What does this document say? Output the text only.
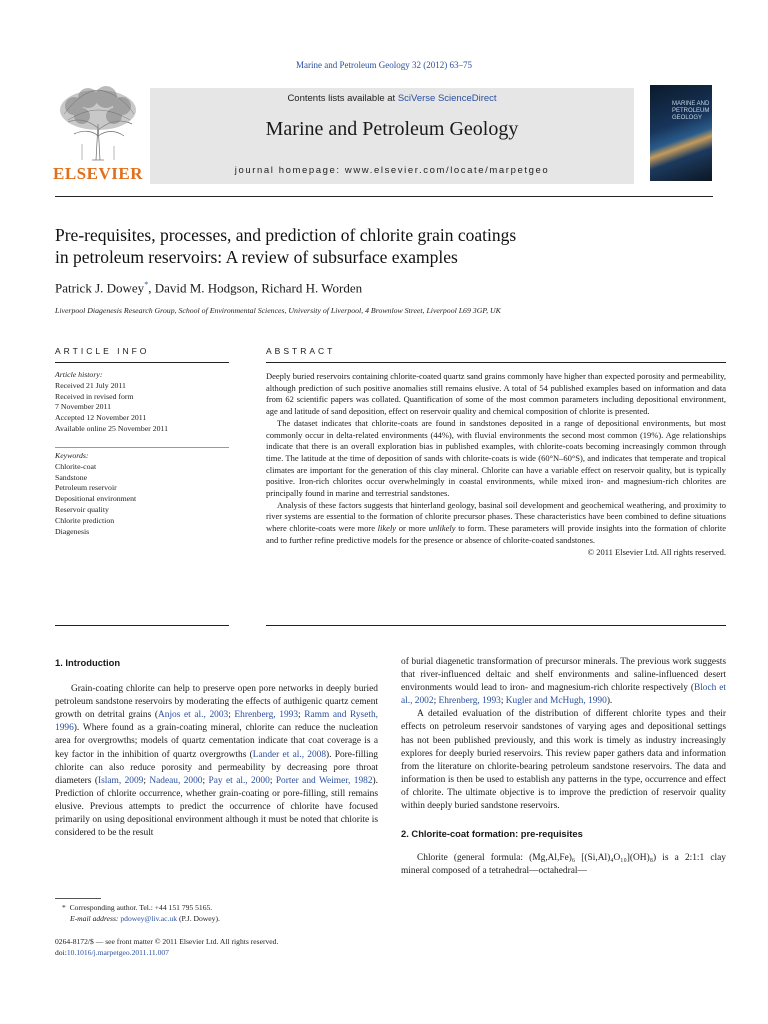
Marine and Petroleum Geology 32 (2012) 63–75
ELSEVIER
Contents lists available at SciVerse ScienceDirect
Marine and Petroleum Geology
journal homepage: www.elsevier.com/locate/marpetgeo
MARINE AND PETROLEUM GEOLOGY
Pre-requisites, processes, and prediction of chlorite grain coatings
in petroleum reservoirs: A review of subsurface examples
Patrick J. Dowey*, David M. Hodgson, Richard H. Worden
Liverpool Diagenesis Research Group, School of Environmental Sciences, University of Liverpool, 4 Brownlow Street, Liverpool L69 3GP, UK
ARTICLE INFO
Article history:
Received 21 July 2011
Received in revised form
7 November 2011
Accepted 12 November 2011
Available online 25 November 2011
Keywords:
Chlorite-coat
Sandstone
Petroleum reservoir
Depositional environment
Reservoir quality
Chlorite prediction
Diagenesis
ABSTRACT

Deeply buried reservoirs containing chlorite-coated quartz sand grains commonly have higher than expected porosity and permeability, although prediction of such positive anomalies still remains elusive. A total of 54 published examples based on information and data from 62 scientific papers was collated. Quantification of some of the most common parameters including depositional environment, age and latitude of sand deposition, effect on reservoir quality and chemical composition of chlorite is presented.

The dataset indicates that chlorite-coats are found in sandstones deposited in a range of depositional environments, but most commonly occur in delta-related environments (44%), with fluvial environments the second most common (19%). Age relationships indicate that there is an overall exploration bias in published examples, with chlorite-coats becoming increasingly common through time. The latitude at the time of deposition of sands with chlorite-coats is wide (60°N–60°S), and indicates that temperate and tropical climates are important for the generation of this clay mineral. Chlorite can have a variable effect on reservoir quality, but is typically positive. Iron-rich chlorites occur overwhelmingly in coastal environments, while mixed iron- and magnesium-rich chlorites are principally found in marine and terrestrial sandstones.

Analysis of these factors suggests that hinterland geology, basinal soil development and geochemical weathering, and proximity to river systems are essential to the formation of chlorite precursor phases. These characteristics have been combined to define situations where chlorite-coats were more likely or more unlikely to form. These parameters will provide insights into the formation of chlorite and to further refine predictive models for the presence or absence of chlorite-coated sandstones.

© 2011 Elsevier Ltd. All rights reserved.
1. Introduction

Grain-coating chlorite can help to preserve open pore networks in deeply buried petroleum sandstone reservoirs by moderating the effects of authigenic quartz cement growth on detrital grains (Anjos et al., 2003; Ehrenberg, 1993; Ramm and Ryseth, 1996). Where found as a grain-coating mineral, chlorite can reduce the nucleation area for overgrowths; models of quartz cementation indicate that coat coverage is a key factor in the inhibition of quartz overgrowths (Lander et al., 2008). Pore-filling chlorite can also reduce porosity and permeability by decreasing pore throat diameters (Islam, 2009; Nadeau, 2000; Pay et al., 2000; Porter and Weimer, 1982). Prediction of chlorite occurrence, whether grain-coating or pore-filling, still remains elusive. Previous attempts to predict the occurrence of chlorite have focused primarily on using depositional environment although it must be noted that chlorite is considered to be the result

of burial diagenetic transformation of precursor minerals. The previous work suggests that river-influenced deltaic and shelf environments and saline-influenced desert environments would lead to iron- and magnesium-rich chlorite respectively (Bloch et al., 2002; Ehrenberg, 1993; Kugler and McHugh, 1990).

A detailed evaluation of the distribution of different chlorite types and their effects on petroleum reservoir sandstones of varying ages and depositional settings has not been published previously, and this work is timely as industry increasingly explores for deeply buried reservoirs. This review paper gathers data and information from the literature on chlorite-bearing petroleum sandstone reservoirs. The data and information is then be used to establish any patterns in the type, occurrence and effect of chlorite. The ultimate objective is to improve the prediction of reservoir quality within deeply buried sandstone reservoirs.

2. Chlorite-coat formation: pre-requisites

Chlorite (general formula: (Mg,Al,Fe)₆ [(Si,Al)₄O₁₀](OH)₈) is a 2:1:1 clay mineral composed of a tetrahedral—octahedral—

* Corresponding author. Tel.: +44 151 795 5165.
E-mail address: pdowey@liv.ac.uk (P.J. Dowey).
0264-8172/$ — see front matter © 2011 Elsevier Ltd. All rights reserved.
doi:10.1016/j.marpetgeo.2011.11.007
